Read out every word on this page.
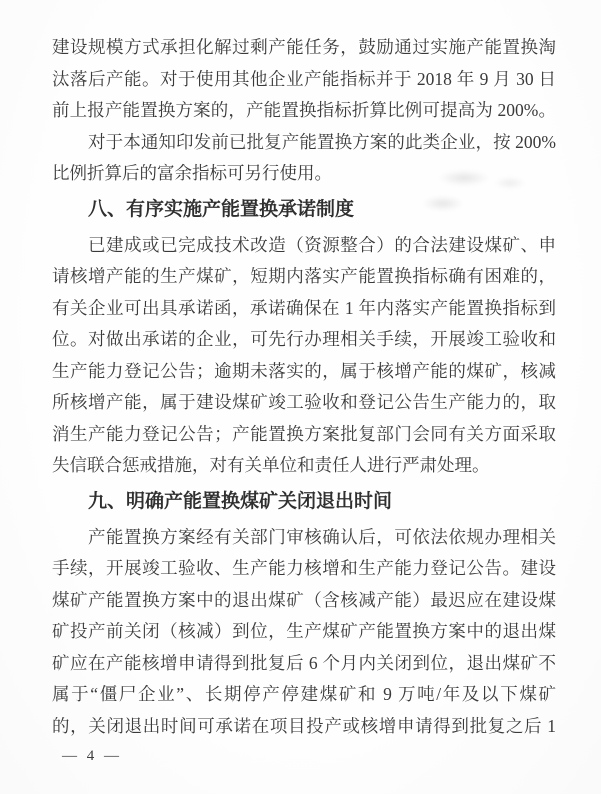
建设规模方式承担化解过剩产能任务，鼓励通过实施产能置换淘
汰落后产能。对于使用其他企业产能指标并于 2018 年 9 月 30 日
前上报产能置换方案的，产能置换指标折算比例可提高为 200%。
对于本通知印发前已批复产能置换方案的此类企业，按 200%
比例折算后的富余指标可另行使用。
八、有序实施产能置换承诺制度
已建成或已完成技术改造（资源整合）的合法建设煤矿、申
请核增产能的生产煤矿，短期内落实产能置换指标确有困难的，
有关企业可出具承诺函，承诺确保在 1 年内落实产能置换指标到
位。对做出承诺的企业，可先行办理相关手续，开展竣工验收和
生产能力登记公告；逾期未落实的，属于核增产能的煤矿，核减
所核增产能，属于建设煤矿竣工验收和登记公告生产能力的，取
消生产能力登记公告；产能置换方案批复部门会同有关方面采取
失信联合惩戒措施，对有关单位和责任人进行严肃处理。
九、明确产能置换煤矿关闭退出时间
产能置换方案经有关部门审核确认后，可依法依规办理相关
手续，开展竣工验收、生产能力核增和生产能力登记公告。建设
煤矿产能置换方案中的退出煤矿（含核减产能）最迟应在建设煤
矿投产前关闭（核减）到位，生产煤矿产能置换方案中的退出煤
矿应在产能核增申请得到批复后 6 个月内关闭到位，退出煤矿不
属于“僵尸企业”、长期停产停建煤矿和 9 万吨/年及以下煤矿
的，关闭退出时间可承诺在项目投产或核增申请得到批复之后 1
— 4 —
